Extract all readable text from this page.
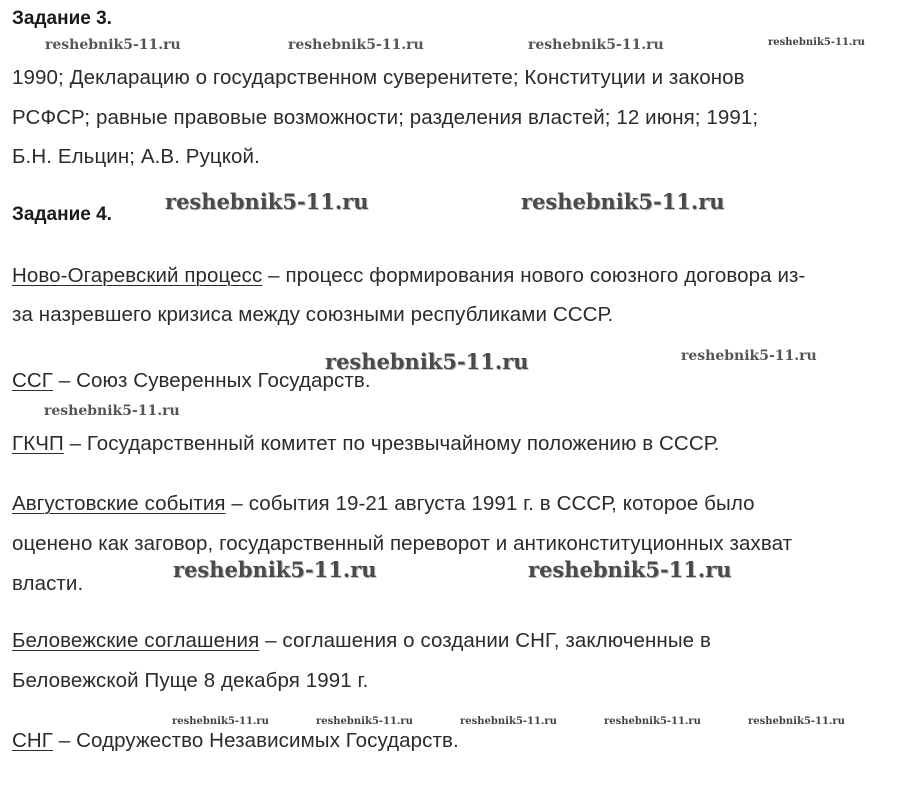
Задание 3.
1990; Декларацию о государственном суверенитете; Конституции и законов
РСФСР; равные правовые возможности; разделения властей; 12 июня; 1991;
Б.Н. Ельцин; А.В. Руцкой.
Задание 4.
Ново-Огаревский процесс – процесс формирования нового союзного договора из-
за назревшего кризиса между союзными республиками СССР.
ССГ – Союз Суверенных Государств.
ГКЧП – Государственный комитет по чрезвычайному положению в СССР.
Августовские события – события 19-21 августа 1991 г. в СССР, которое было
оценено как заговор, государственный переворот и антиконституционных захват
власти.
Беловежские соглашения – соглашения о создании СНГ, заключенные в
Беловежской Пуще 8 декабря 1991 г.
СНГ – Содружество Независимых Государств.
reshebnik5-11.ru	reshebnik5-11.ru	reshebnik5-11.ru	reshebnik5-11.ru
reshebnik5-11.ru	reshebnik5-11.ru
reshebnik5-11.ru	reshebnik5-11.ru
reshebnik5-11.ru
reshebnik5-11.ru	reshebnik5-11.ru
reshebnik5-11.ru	reshebnik5-11.ru	reshebnik5-11.ru	reshebnik5-11.ru	reshebnik5-11.ru
